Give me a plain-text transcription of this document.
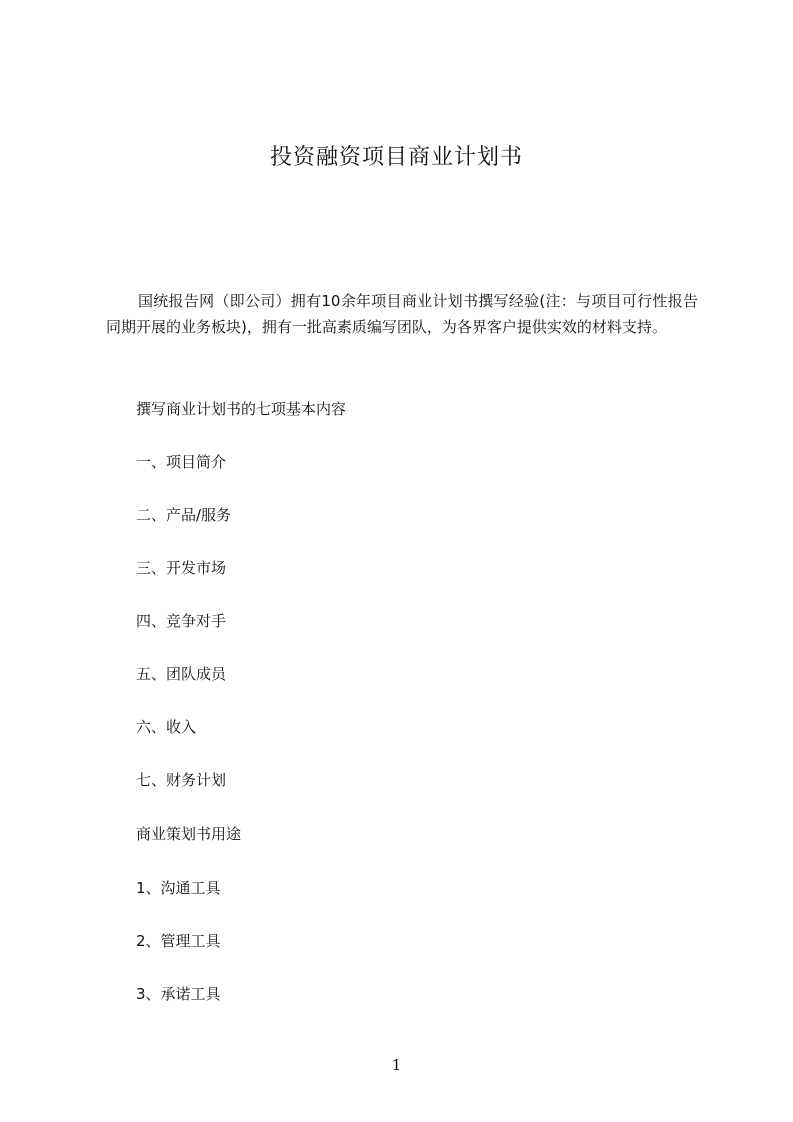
投资融资项目商业计划书

国统报告网（即公司）拥有10余年项目商业计划书撰写经验(注：与项目可行性报告同期开展的业务板块)，拥有一批高素质编写团队，为各界客户提供实效的材料支持。

撰写商业计划书的七项基本内容

一、项目简介

二、产品/服务

三、开发市场

四、竞争对手

五、团队成员

六、收入

七、财务计划

商业策划书用途

1、沟通工具

2、管理工具

3、承诺工具

1
